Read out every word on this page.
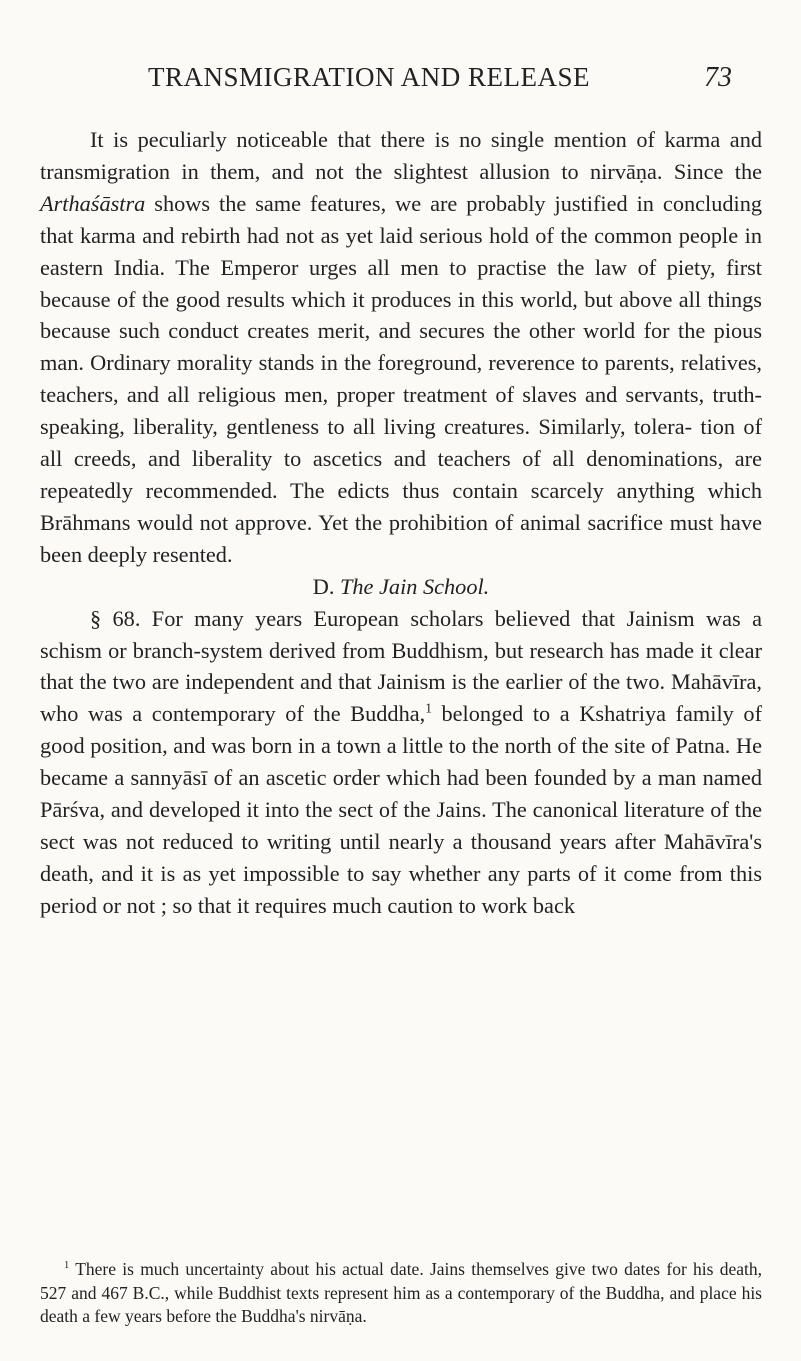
TRANSMIGRATION AND RELEASE	73

It is peculiarly noticeable that there is no single mention of karma and transmigration in them, and not the slightest allusion to nirvāṇa. Since the Arthaśāstra shows the same features, we are probably justified in concluding that karma and rebirth had not as yet laid serious hold of the common people in eastern India. The Emperor urges all men to practise the law of piety, first because of the good results which it produces in this world, but above all things because such conduct creates merit, and secures the other world for the pious man. Ordinary morality stands in the foreground, reverence to parents, relatives, teachers, and all religious men, proper treatment of slaves and servants, truth-speaking, liberality, gentleness to all living creatures. Similarly, tolera- tion of all creeds, and liberality to ascetics and teachers of all denominations, are repeatedly recommended. The edicts thus contain scarcely anything which Brāhmans would not approve. Yet the prohibition of animal sacrifice must have been deeply resented.

D. The Jain School.

§ 68. For many years European scholars believed that Jainism was a schism or branch-system derived from Buddhism, but research has made it clear that the two are independent and that Jainism is the earlier of the two. Mahāvīra, who was a contemporary of the Buddha,$^1$ belonged to a Kshatriya family of good position, and was born in a town a little to the north of the site of Patna. He became a sannyāsī of an ascetic order which had been founded by a man named Pārśva, and developed it into the sect of the Jains. The canonical literature of the sect was not reduced to writing until nearly a thousand years after Mahāvīra's death, and it is as yet impossible to say whether any parts of it come from this period or not ; so that it requires much caution to work back

$^1$ There is much uncertainty about his actual date. Jains themselves give two dates for his death, 527 and 467 B.C., while Buddhist texts represent him as a contemporary of the Buddha, and place his death a few years before the Buddha's nirvāṇa.
